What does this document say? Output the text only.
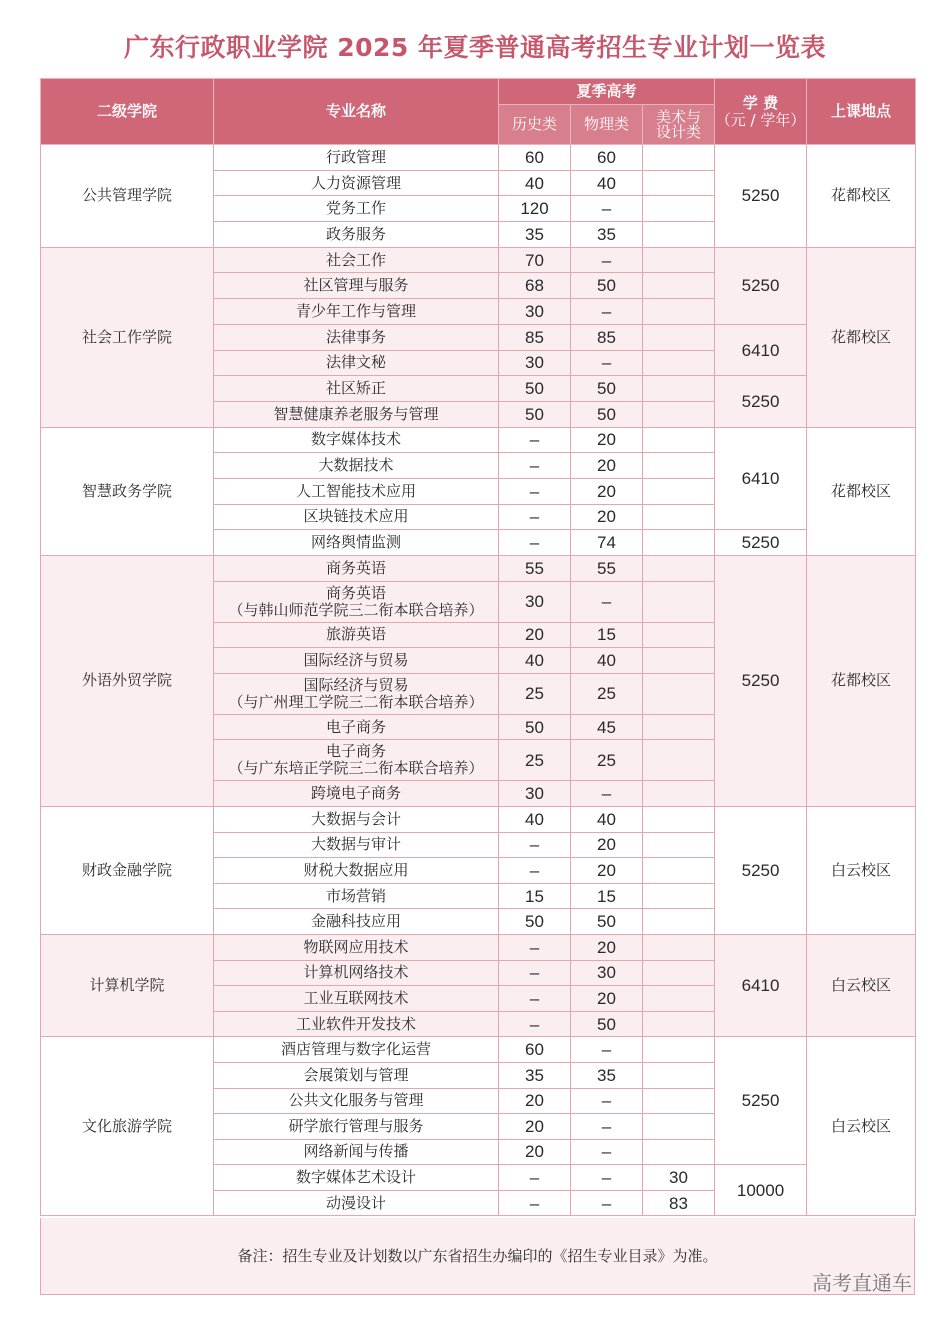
广东行政职业学院 2025 年夏季普通高考招生专业计划一览表
二级学院	专业名称	夏季高考			学 费
（元 / 学年）	上课地点
		历史类	物理类	美术与
设计类		

公共管理学院	行政管理	60	60		5250	花都校区
	人力资源管理	40	40			
	党务工作	120	–			
	政务服务	35	35			
社会工作学院	社会工作	70	–		5250	花都校区
	社区管理与服务	68	50			
	青少年工作与管理	30	–			
	法律事务	85	85		6410	
	法律文秘	30	–			
	社区矫正	50	50		5250	
	智慧健康养老服务与管理	50	50			
智慧政务学院	数字媒体技术	–	20		6410	花都校区
	大数据技术	–	20			
	人工智能技术应用	–	20			
	区块链技术应用	–	20			
	网络舆情监测	–	74		5250	
外语外贸学院	商务英语	55	55		5250	花都校区

	商务英语
（与韩山师范学院三二衔本联合培养）	30	–			
	旅游英语	20	15			
	国际经济与贸易	40	40			

	国际经济与贸易
（与广州理工学院三二衔本联合培养）	25	25			
	电子商务	50	45			

	电子商务
（与广东培正学院三二衔本联合培养）	25	25			
	跨境电子商务	30	–			
财政金融学院	大数据与会计	40	40		5250	白云校区
	大数据与审计	–	20			
	财税大数据应用	–	20			
	市场营销	15	15			
	金融科技应用	50	50			
计算机学院	物联网应用技术	–	20		6410	白云校区
	计算机网络技术	–	30			
	工业互联网技术	–	20			
	工业软件开发技术	–	50			
文化旅游学院	酒店管理与数字化运营	60	–		5250	白云校区
	会展策划与管理	35	35			
	公共文化服务与管理	20	–			
	研学旅行管理与服务	20	–			
	网络新闻与传播	20	–			
	数字媒体艺术设计	–	–	30	10000	
	动漫设计	–	–	83		
备注：招生专业及计划数以广东省招生办编印的《招生专业目录》为准。
高考直通车
